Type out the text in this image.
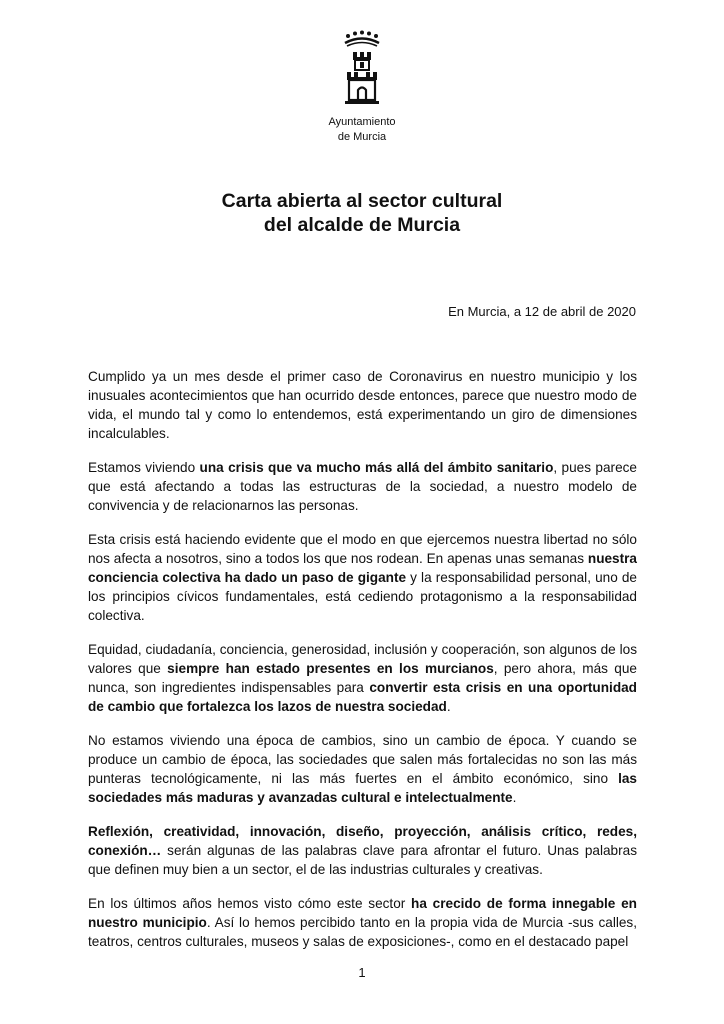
Ayuntamiento
de Murcia
Carta abierta al sector cultural
del alcalde de Murcia
En Murcia, a 12 de abril de 2020

Cumplido ya un mes desde el primer caso de Coronavirus en nuestro municipio y los inusuales acontecimientos que han ocurrido desde entonces, parece que nuestro modo de vida, el mundo tal y como lo entendemos, está experimentando un giro de dimensiones incalculables.

Estamos viviendo una crisis que va mucho más allá del ámbito sanitario, pues parece que está afectando a todas las estructuras de la sociedad, a nuestro modelo de convivencia y de relacionarnos las personas.

Esta crisis está haciendo evidente que el modo en que ejercemos nuestra libertad no sólo nos afecta a nosotros, sino a todos los que nos rodean. En apenas unas semanas nuestra conciencia colectiva ha dado un paso de gigante y la responsabilidad personal, uno de los principios cívicos fundamentales, está cediendo protagonismo a la responsabilidad colectiva.

Equidad, ciudadanía, conciencia, generosidad, inclusión y cooperación, son algunos de los valores que siempre han estado presentes en los murcianos, pero ahora, más que nunca, son ingredientes indispensables para convertir esta crisis en una oportunidad de cambio que fortalezca los lazos de nuestra sociedad.

No estamos viviendo una época de cambios, sino un cambio de época. Y cuando se produce un cambio de época, las sociedades que salen más fortalecidas no son las más punteras tecnológicamente, ni las más fuertes en el ámbito económico, sino las sociedades más maduras y avanzadas cultural e intelectualmente.

Reflexión, creatividad, innovación, diseño, proyección, análisis crítico, redes, conexión… serán algunas de las palabras clave para afrontar el futuro. Unas palabras que definen muy bien a un sector, el de las industrias culturales y creativas.

En los últimos años hemos visto cómo este sector ha crecido de forma innegable en nuestro municipio. Así lo hemos percibido tanto en la propia vida de Murcia -sus calles, teatros, centros culturales, museos y salas de exposiciones-, como en el destacado papel

1
